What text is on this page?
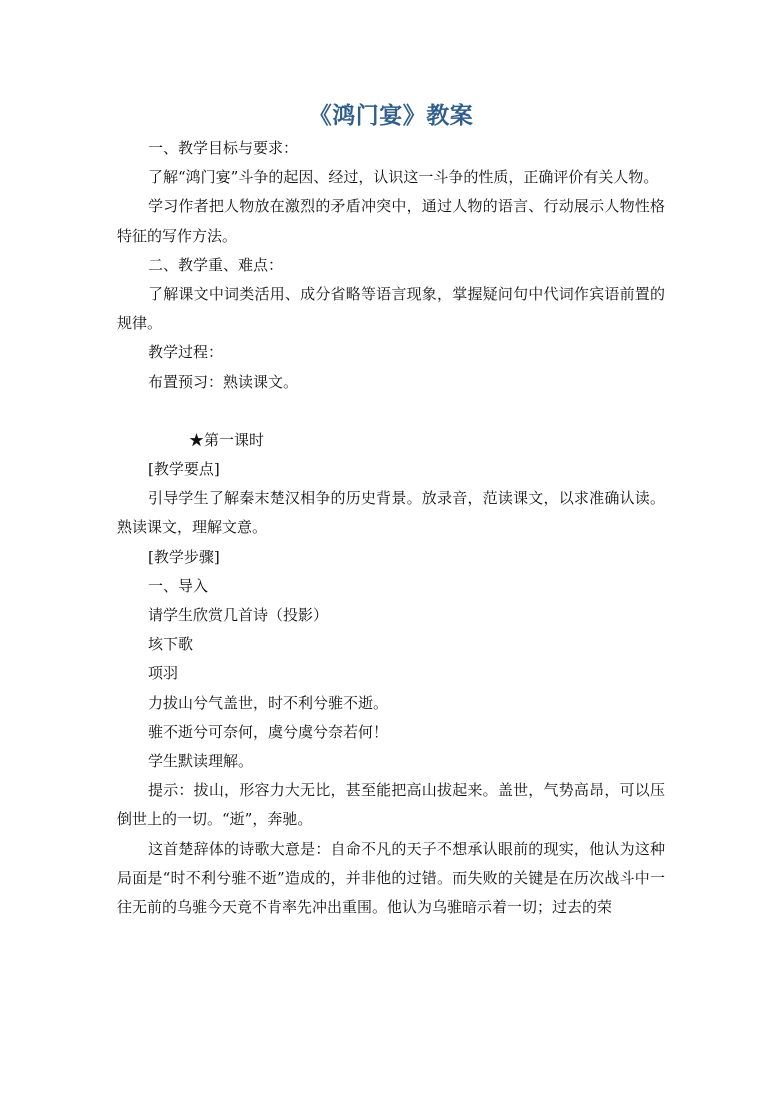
《鸿门宴》教案

一、教学目标与要求：

了解“鸿门宴”斗争的起因、经过，认识这一斗争的性质，正确评价有关人物。

学习作者把人物放在激烈的矛盾冲突中，通过人物的语言、行动展示人物性格特征的写作方法。

二、教学重、难点：

了解课文中词类活用、成分省略等语言现象，掌握疑问句中代词作宾语前置的规律。

教学过程：

布置预习：熟读课文。

★第一课时

[教学要点]

引导学生了解秦末楚汉相争的历史背景。放录音，范读课文，以求准确认读。熟读课文，理解文意。

[教学步骤]

一、导入

请学生欣赏几首诗（投影）

垓下歌

项羽

力拔山兮气盖世，时不利兮骓不逝。

骓不逝兮可奈何，虞兮虞兮奈若何！

学生默读理解。

提示：拔山，形容力大无比，甚至能把高山拔起来。盖世，气势高昂，可以压倒世上的一切。“逝”，奔驰。

这首楚辞体的诗歌大意是：自命不凡的天子不想承认眼前的现实，他认为这种局面是“时不利兮骓不逝”造成的，并非他的过错。而失败的关键是在历次战斗中一往无前的乌骓今天竟不肯率先冲出重围。他认为乌骓暗示着一切；过去的荣
